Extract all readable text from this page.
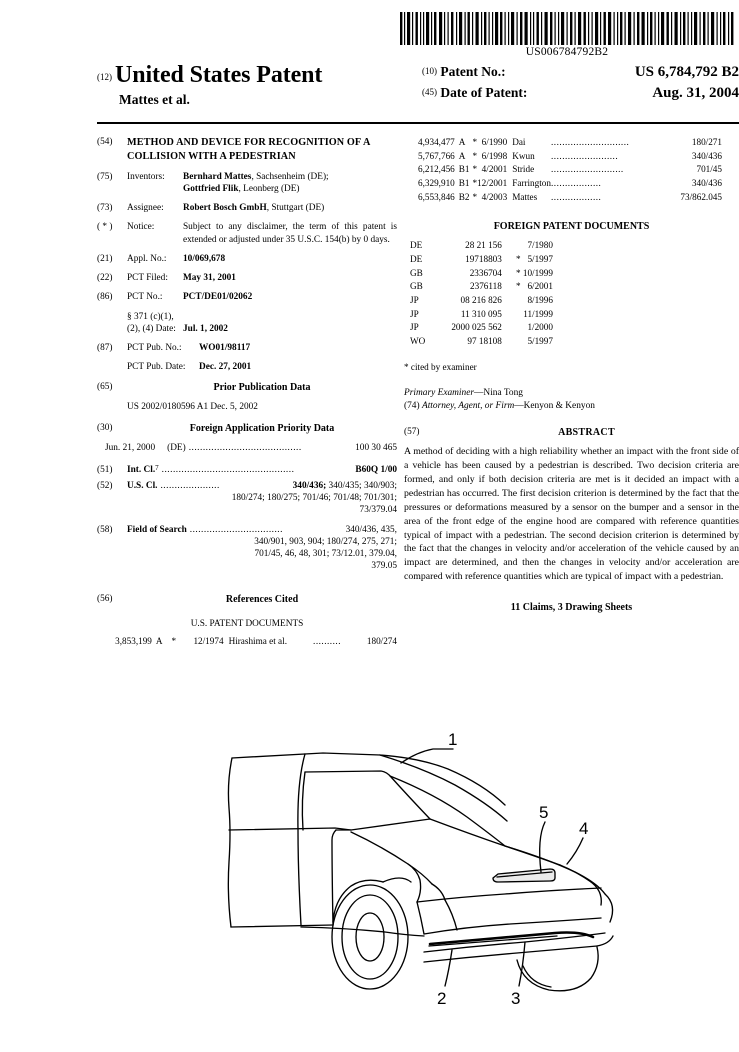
US006784792B2
(12) United States Patent
Mattes et al.
(10) Patent No.:	US 6,784,792 B2
(45) Date of Patent:	Aug. 31, 2004
(54)	METHOD AND DEVICE FOR RECOGNITION OF A COLLISION WITH A PEDESTRIAN
(75)	Inventors:	Bernhard Mattes, Sachsenheim (DE);
Gottfried Flik, Leonberg (DE)
(73)	Assignee:	Robert Bosch GmbH, Stuttgart (DE)
( * )	Notice:	Subject to any disclaimer, the term of this patent is extended or adjusted under 35 U.S.C. 154(b) by 0 days.
(21)	Appl. No.:	10/069,678
(22)	PCT Filed:	May 31, 2001
(86)	PCT No.:	PCT/DE01/02062
§ 371 (c)(1),
(2), (4) Date:
Jul. 1, 2002
(87)	PCT Pub. No.:	WO01/98117
PCT Pub. Date:	Dec. 27, 2001
(65)	Prior Publication Data
US 2002/0180596 A1 Dec. 5, 2002
(30)	Foreign Application Priority Data
Jun. 21, 2000 (DE) ........................................	100 30 465
(51)	Int. Cl. 7 ...............................................	B60Q 1/00
(52)	U.S. Cl. .....................	340/436; 340/435; 340/903;
180/274; 180/275; 701/46; 701/48; 701/301;
73/379.04
(58)	Field of Search .................................	340/436, 435,
340/901, 903, 904; 180/274, 275, 271;
701/45, 46, 48, 301; 73/12.01, 379.04,
379.05
(56)	References Cited
U.S. PATENT DOCUMENTS
3,853,199	A	*	12/1974	Hirashima et al.	..........	180/274
4,934,477	A	*	6/1990	Dai	............................	180/271
5,767,766	A	*	6/1998	Kwun	........................	340/436
6,212,456	B1	*	4/2001	Stride	..........................	701/45
6,329,910	B1	*	12/2001	Farrington	..................	340/436
6,553,846	B2	*	4/2003	Mattes	..................	73/862.045
FOREIGN PATENT DOCUMENTS
DE	28 21 156		7/1980
DE	19718803	*	5/1997
GB	2336704	*	10/1999
GB	2376118	*	6/2001
JP	08 216 826		8/1996
JP	11 310 095		11/1999
JP	2000 025 562		1/2000
WO	97 18108		5/1997
* cited by examiner
Primary Examiner—Nina Tong
(74) Attorney, Agent, or Firm—Kenyon & Kenyon
(57)	ABSTRACT
A method of deciding with a high reliability whether an impact with the front side of a vehicle has been caused by a pedestrian is described. Two decision criteria are formed, and only if both decision criteria are met is it decided an impact with a pedestrian has occurred. The first decision criterion is determined by the fact that the pressures or deformations measured by a sensor on the bumper and a sensor in the area of the front edge of the engine hood are compared with reference quantities typical of impact with a pedestrian. The second decision criterion is determined by the fact that the changes in velocity and/or acceleration of the vehicle caused by an impact are determined, and then the changes in velocity and/or acceleration are compared with reference quantities which are typical of impact with a pedestrian.
11 Claims, 3 Drawing Sheets
1
5
4
2	3
